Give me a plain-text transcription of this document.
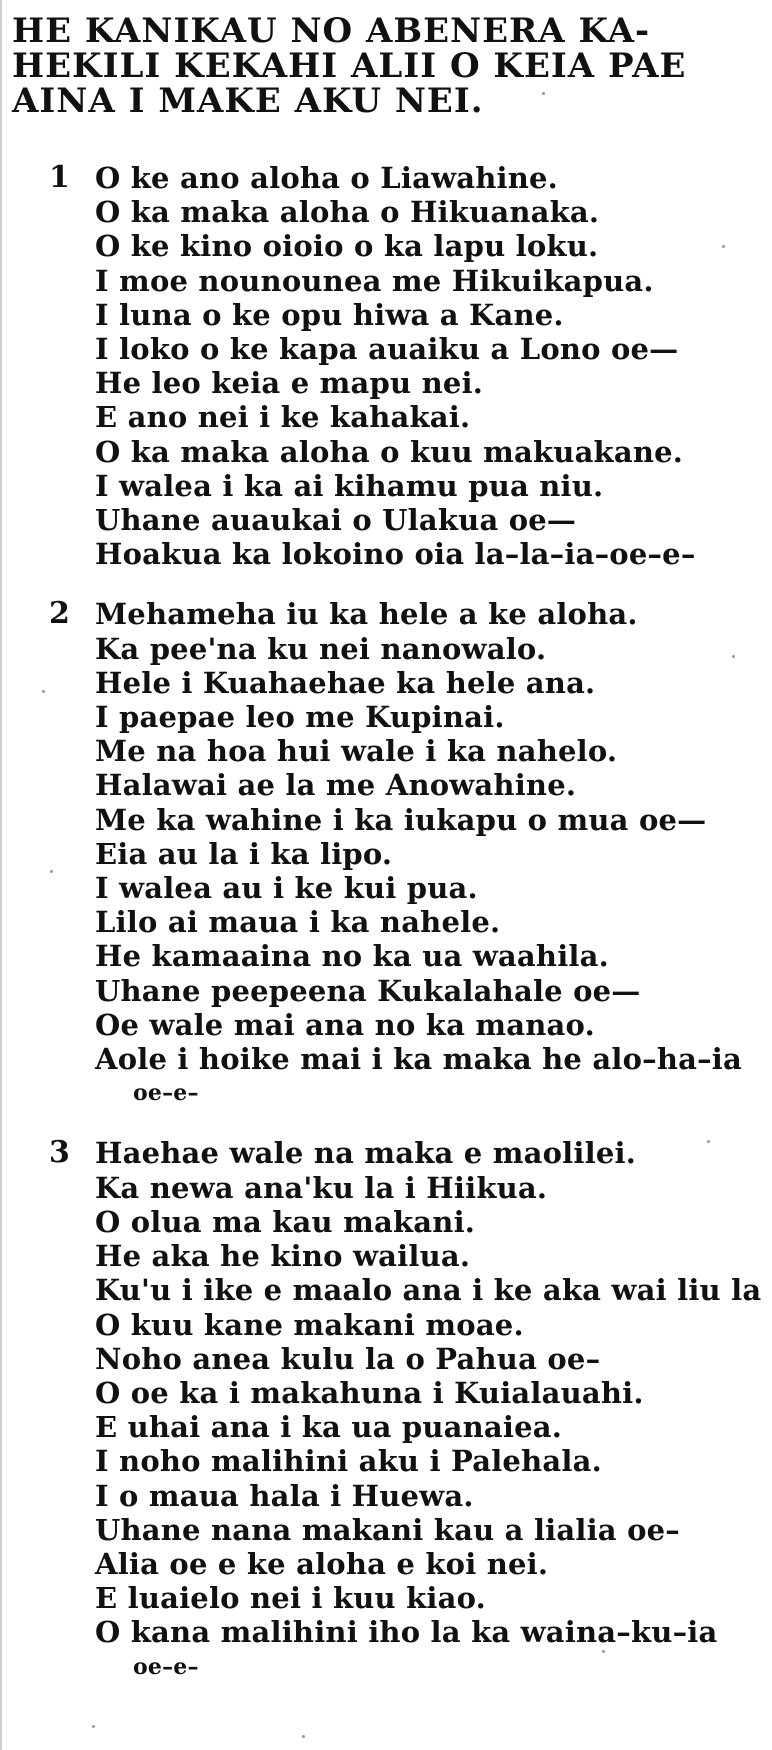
HE KANIKAU NO ABENERA KA-
HEKILI KEKAHI ALII O KEIA PAE
AINA I MAKE AKU NEI.
1 O ke ano aloha o Liawahine.
O ka maka aloha o Hikuanaka.
O ke kino oioio o ka lapu loku.
I moe nounounea me Hikuikapua.
I luna o ke opu hiwa a Kane.
I loko o ke kapa auaiku a Lono oe—
He leo keia e mapu nei.
E ano nei i ke kahakai.
O ka maka aloha o kuu makuakane.
I walea i ka ai kihamu pua niu.
Uhane auaukai o Ulakua oe—
Hoakua ka lokoino oia la–la–ia–oe–e–
2 Mehameha iu ka hele a ke aloha.
Ka pee'na ku nei nanowalo.
Hele i Kuahaehae ka hele ana.
I paepae leo me Kupinai.
Me na hoa hui wale i ka nahelo.
Halawai ae la me Anowahine.
Me ka wahine i ka iukapu o mua oe—
Eia au la i ka lipo.
I walea au i ke kui pua.
Lilo ai maua i ka nahele.
He kamaaina no ka ua waahila.
Uhane peepeena Kukalahale oe—
Oe wale mai ana no ka manao.
Aole i hoike mai i ka maka he alo–ha–ia
oe–e–
3 Haehae wale na maka e maolilei.
Ka newa ana'ku la i Hiikua.
O olua ma kau makani.
He aka he kino wailua.
Ku'u i ike e maalo ana i ke aka wai liu la
O kuu kane makani moae.
Noho anea kulu la o Pahua oe–
O oe ka i makahuna i Kuialauahi.
E uhai ana i ka ua puanaiea.
I noho malihini aku i Palehala.
I o maua hala i Huewa.
Uhane nana makani kau a lialia oe–
Alia oe e ke aloha e koi nei.
E luaielo nei i kuu kiao.
O kana malihini iho la ka waina–ku–ia
oe–e–
